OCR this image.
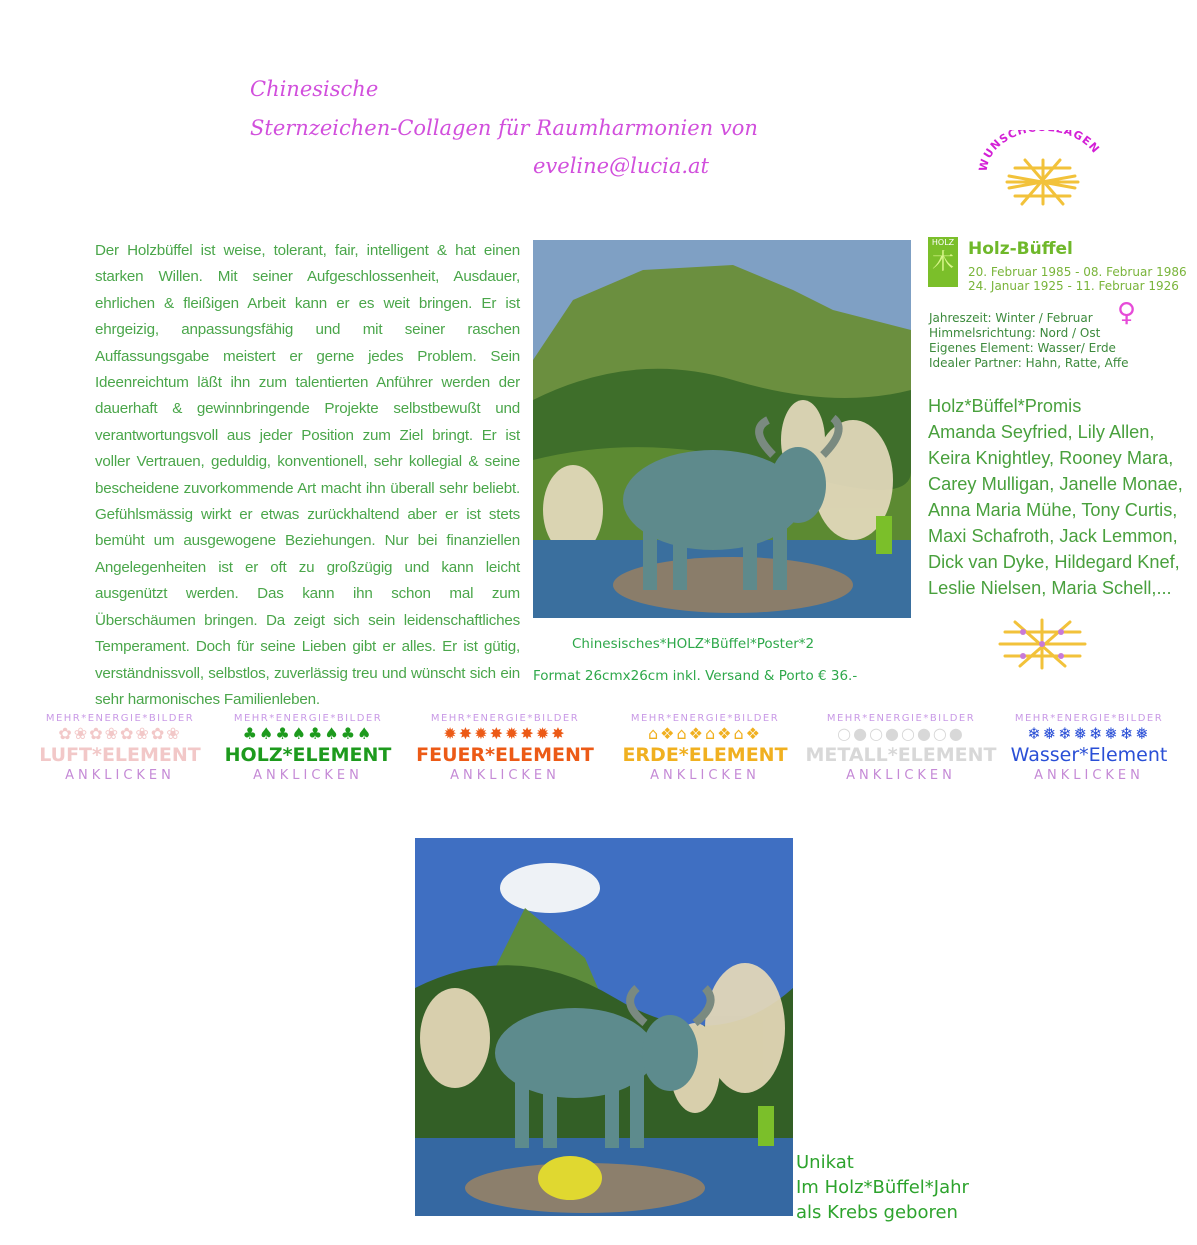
Chinesische
Sternzeichen-Collagen für Raumharmonien von
eveline@lucia.at	WUNSCH AGEN
Der Holzbüffel ist weise, tolerant, fair, intelligent & hat einen starken Willen. Mit seiner Aufgeschlossenheit, Ausdauer, ehrlichen & fleißigen Arbeit kann er es weit bringen. Er ist ehrgeizig, anpassungsfähig und mit seiner raschen Auffassungsgabe meistert er gerne jedes Problem. Sein Ideenreichtum läßt ihn zum talentierten Anführer werden der dauerhaft & gewinnbringende Projekte selbstbewußt und verantwortungsvoll aus jeder Position zum Ziel bringt. Er ist voller Vertrauen, geduldig, konventionell, sehr kollegial & seine bescheidene zuvorkommende Art macht ihn überall sehr beliebt. Gefühlsmässig wirkt er etwas zurückhaltend aber er ist stets bemüht um ausgewogene Beziehungen. Nur bei finanziellen Angelegenheiten ist er oft zu großzügig und kann leicht ausgenützt werden. Das kann ihn schon mal zum Überschäumen bringen. Da zeigt sich sein leidenschaftliches Temperament. Doch für seine Lieben gibt er alles. Er ist gütig, verständnissvoll, selbstlos, zuverlässig treu und wünscht sich ein sehr harmonisches Familienleben.
Chinesisches*HOLZ*Büffel*Poster*2
Format 26cmx26cm inkl. Versand & Porto € 36.-
HOLZ
木
Holz-Büffel
20. Februar 1985 - 08. Februar 1986
24. Januar 1925 - 11. Februar 1926
Jahreszeit: Winter / Februar
Himmelsrichtung: Nord / Ost
Eigenes Element: Wasser/ Erde
Idealer Partner: Hahn, Ratte, Affe
♀
Holz*Büffel*Promis
Amanda Seyfried, Lily Allen, Keira Knightley, Rooney Mara, Carey Mulligan, Janelle Monae, Anna Maria Mühe, Tony Curtis, Maxi Schafroth, Jack Lemmon, Dick van Dyke, Hildegard Knef, Leslie Nielsen, Maria Schell,...
MEHR*ENERGIE*BILDER
✿❀✿❀✿❀✿❀
LUFT*ELEMENT
ANKLICKEN
MEHR*ENERGIE*BILDER
♣♠♣♠♣♠♣♠
HOLZ*ELEMENT
ANKLICKEN
MEHR*ENERGIE*BILDER
✹✸✹✸✹✸✹✸
FEUER*ELEMENT
ANKLICKEN
MEHR*ENERGIE*BILDER
⌂❖⌂❖⌂❖⌂❖
ERDE*ELEMENT
ANKLICKEN
MEHR*ENERGIE*BILDER
○●○●○●○●
METALL*ELEMENT
ANKLICKEN
MEHR*ENERGIE*BILDER
❄❅❄❅❄❅❄❅
Wasser*Element
ANKLICKEN
Unikat
Im Holz*Büffel*Jahr
als Krebs geboren
